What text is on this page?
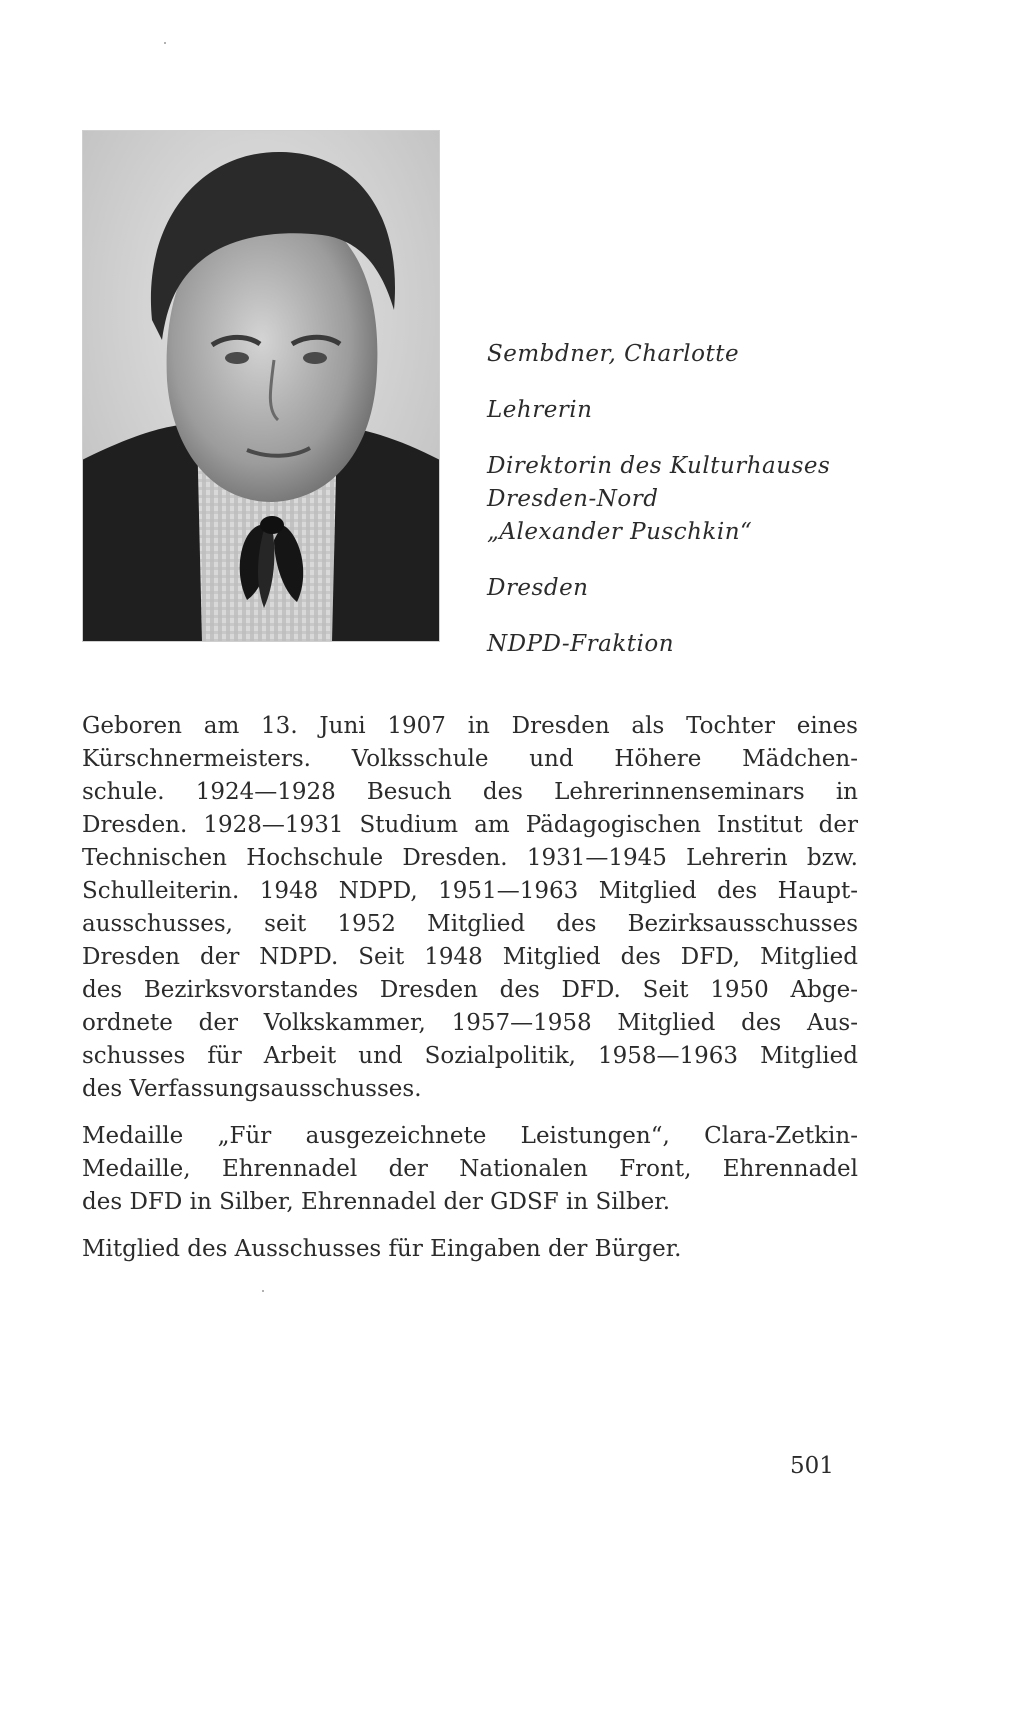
Sembdner, Charlotte
Lehrerin
Direktorin des Kulturhauses
Dresden-Nord
„Alexander Puschkin“
Dresden
NDPD-Fraktion

Geboren am 13. Juni 1907 in Dresden als Tochter eines
Kürschnermeisters. Volksschule und Höhere Mädchen-
schule. 1924—1928 Besuch des Lehrerinnenseminars in
Dresden. 1928—1931 Studium am Pädagogischen Institut der
Technischen Hochschule Dresden. 1931—1945 Lehrerin bzw.
Schulleiterin. 1948 NDPD, 1951—1963 Mitglied des Haupt-
ausschusses, seit 1952 Mitglied des Bezirksausschusses
Dresden der NDPD. Seit 1948 Mitglied des DFD, Mitglied
des Bezirksvorstandes Dresden des DFD. Seit 1950 Abge-
ordnete der Volkskammer, 1957—1958 Mitglied des Aus-
schusses für Arbeit und Sozialpolitik, 1958—1963 Mitglied
des Verfassungsausschusses.

Medaille „Für ausgezeichnete Leistungen“, Clara-Zetkin-
Medaille, Ehrennadel der Nationalen Front, Ehrennadel
des DFD in Silber, Ehrennadel der GDSF in Silber.

Mitglied des Ausschusses für Eingaben der Bürger.

501
